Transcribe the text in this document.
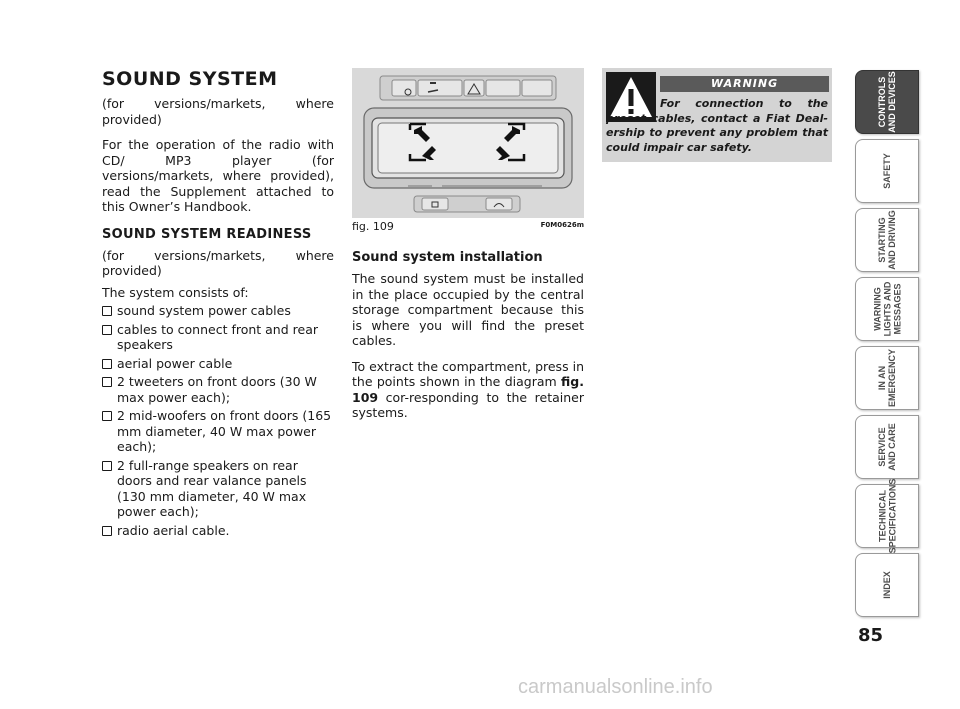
SOUND SYSTEM

(for versions/markets, where provided)

For the operation of the radio with CD/ MP3 player (for versions/markets, where provided), read the Supplement attached to this Owner’s Handbook.

SOUND SYSTEM READINESS

(for versions/markets, where provided)

The system consists of:

sound system power cables
cables to connect front and rear speakers
aerial power cable
2 tweeters on front doors (30 W max power each);
2 mid-woofers on front doors (165 mm diameter, 40 W max power each);
2 full-range speakers on rear doors and rear valance panels (130 mm diameter, 40 W max power each);
radio aerial cable.
fig. 109	F0M0626m
Sound system installation

The sound system must be installed in the place occupied by the central storage compartment because this is where you will find the preset cables.

To extract the compartment, press in the points shown in the diagram fig. 109 cor-responding to the retainer systems.

WARNING
For connection to the preset cables, contact a Fiat Deal-ership to prevent any problem that could impair car safety.
CONTROLS
AND DEVICES
SAFETY
STARTING
AND DRIVING
WARNING
LIGHTS AND
MESSAGES
IN AN
EMERGENCY
SERVICE
AND CARE
TECHNICAL
SPECIFICATIONS
INDEX
85
carmanualsonline.info
